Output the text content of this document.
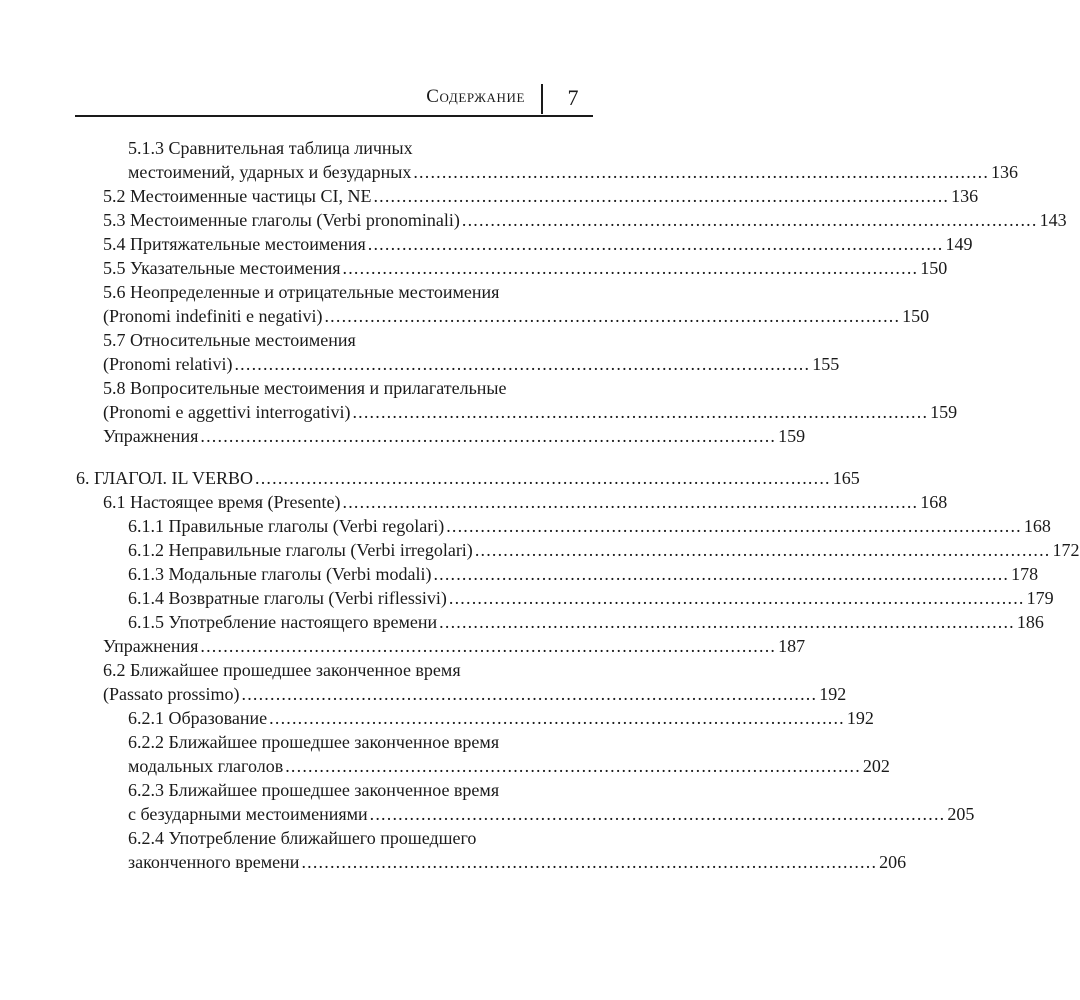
Содержание	7
5.1.3 Сравнительная таблица личных
местоимений, ударных и безударных ..................................................................................................... 136
5.2 Местоименные частицы CI, NE ..................................................................................................... 136
5.3 Местоименные глаголы (Verbi pronominali) ..................................................................................................... 143
5.4 Притяжательные местоимения ..................................................................................................... 149
5.5 Указательные местоимения ..................................................................................................... 150
5.6 Неопределенные и отрицательные местоимения
(Pronomi indefiniti e negativi) ..................................................................................................... 150
5.7 Относительные местоимения
(Pronomi relativi) ..................................................................................................... 155
5.8 Вопросительные местоимения и прилагательные
(Pronomi e aggettivi interrogativi) ..................................................................................................... 159
Упражнения ..................................................................................................... 159
6. ГЛАГОЛ. IL VERBO ..................................................................................................... 165
6.1 Настоящее время (Presente) ..................................................................................................... 168
6.1.1 Правильные глаголы (Verbi regolari) ..................................................................................................... 168
6.1.2 Неправильные глаголы (Verbi irregolari) ..................................................................................................... 172
6.1.3 Модальные глаголы (Verbi modali) ..................................................................................................... 178
6.1.4 Возвратные глаголы (Verbi riflessivi) ..................................................................................................... 179
6.1.5 Употребление настоящего времени ..................................................................................................... 186
Упражнения ..................................................................................................... 187
6.2 Ближайшее прошедшее законченное время
(Passato prossimo) ..................................................................................................... 192
6.2.1 Образование ..................................................................................................... 192
6.2.2 Ближайшее прошедшее законченное время
модальных глаголов ..................................................................................................... 202
6.2.3 Ближайшее прошедшее законченное время
с безударными местоимениями ..................................................................................................... 205
6.2.4 Употребление ближайшего прошедшего
законченного времени ..................................................................................................... 206
